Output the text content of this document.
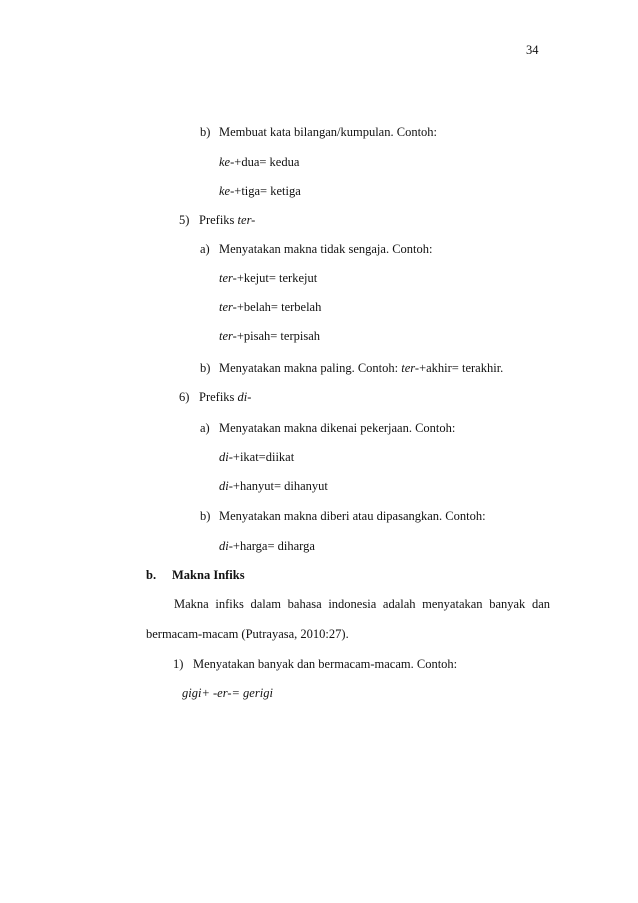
34
b) Membuat kata bilangan/kumpulan. Contoh:
ke-+dua= kedua
ke-+tiga= ketiga
5) Prefiks ter-
a) Menyatakan makna tidak sengaja. Contoh:
ter-+kejut= terkejut
ter-+belah= terbelah
ter-+pisah= terpisah
b) Menyatakan makna paling. Contoh: ter-+akhir= terakhir.
6) Prefiks di-
a) Menyatakan makna dikenai pekerjaan. Contoh:
di-+ikat=diikat
di-+hanyut= dihanyut
b) Menyatakan makna diberi atau dipasangkan. Contoh:
di-+harga= diharga
b. Makna Infiks
Makna infiks dalam bahasa indonesia adalah menyatakan banyak dan
bermacam-macam (Putrayasa, 2010:27).
1) Menyatakan banyak dan bermacam-macam. Contoh:
gigi+ -er-= gerigi
